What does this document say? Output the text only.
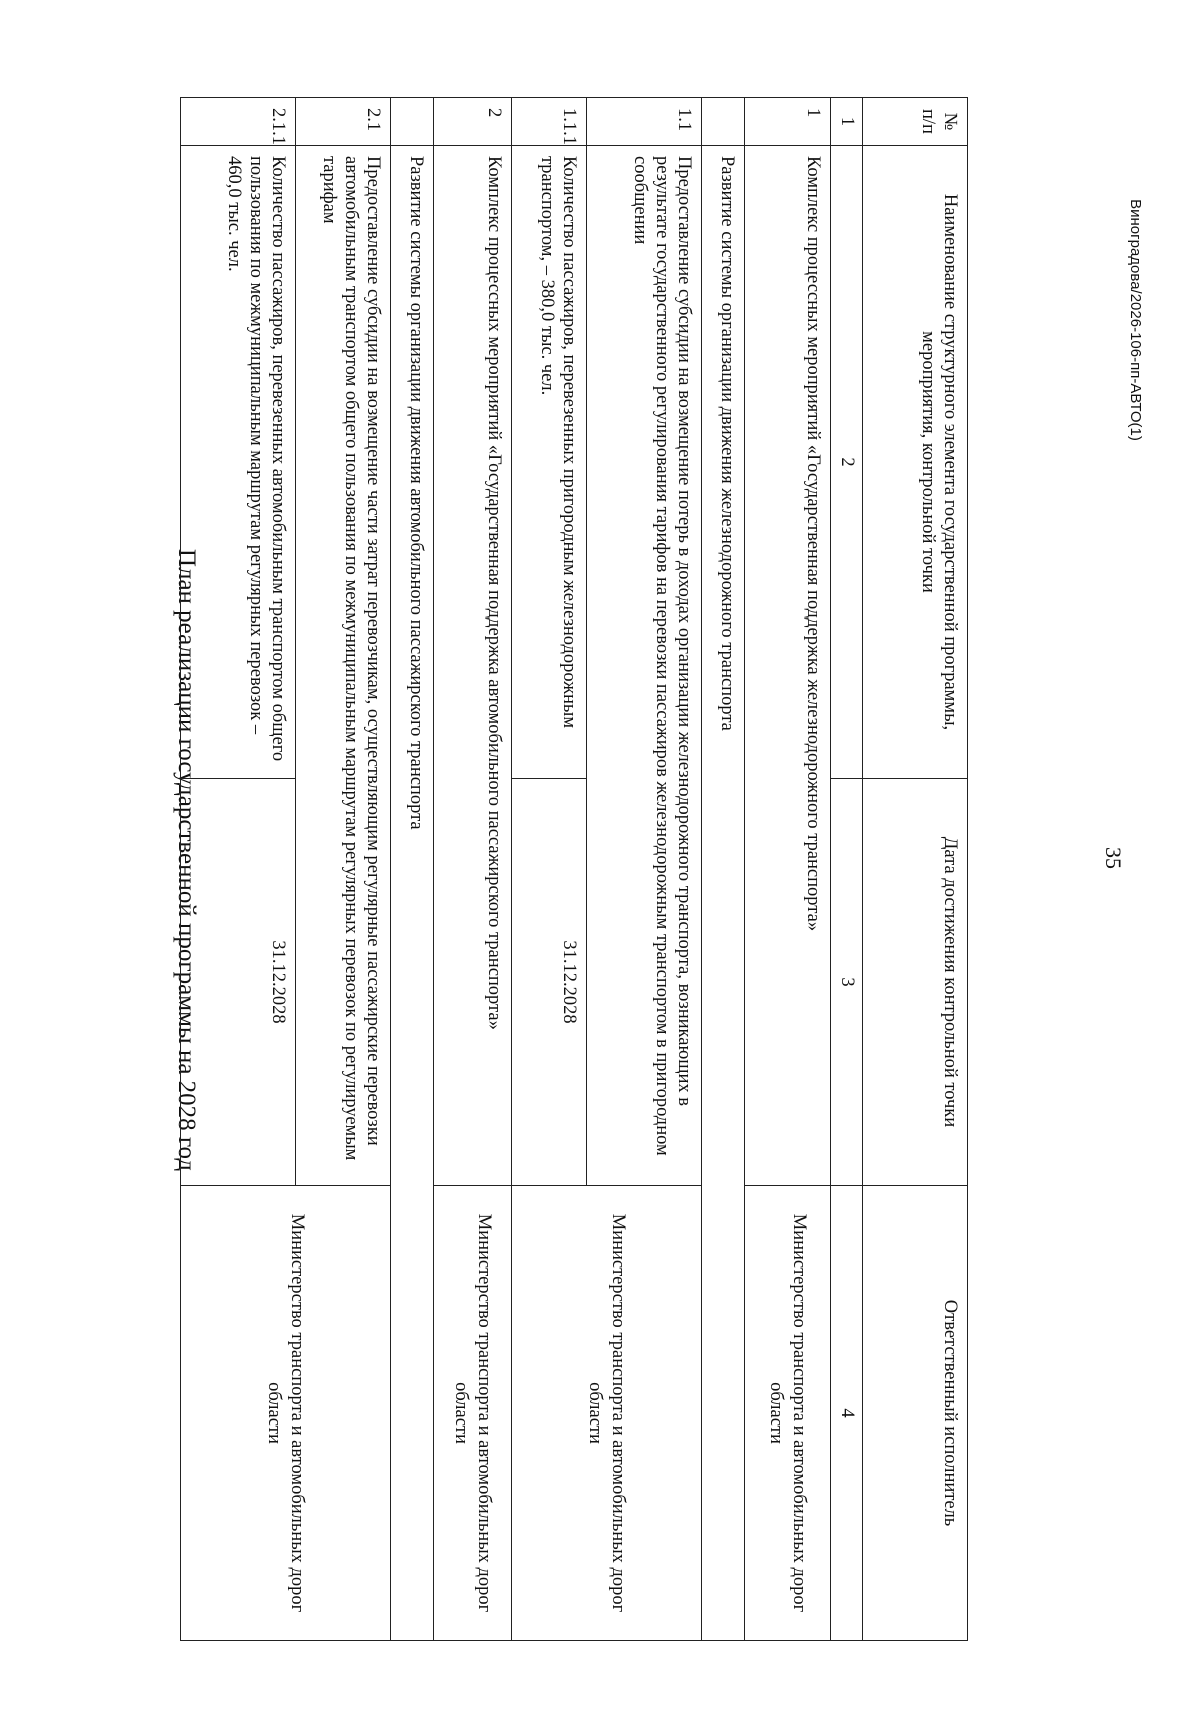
Виноградова/2026-106-пп-АВТО(1)
35
План реализации государственной программы на 2028 год
№ п/п	Наименование структурного элемента государственной программы, мероприятия, контрольной точки	Дата достижения контрольной точки	Ответственный исполнитель
1	2	3	4
1	Комплекс процессных мероприятий «Государственная поддержка железнодорожного транспорта»		Министерство транспорта и автомобильных дорог области
	Развитие системы организации движения железнодорожного транспорта		
1.1	Предоставление субсидии на возмещение потерь в доходах организации железнодорожного транспорта, возникающих в результате государственного регулирования тарифов на перевозки пассажиров железнодорожным транспортом в пригородном сообщении		Министерство транспорта и автомобильных дорог области
1.1.1	Количество пассажиров, перевезенных пригородным железнодорожным транспортом, – 380,0 тыс. чел.	31.12.2028	
2	Комплекс процессных мероприятий «Государственная поддержка автомобильного пассажирского транспорта»		Министерство транспорта и автомобильных дорог области
	Развитие системы организации движения автомобильного пассажирского транспорта		
2.1	Предоставление субсидии на возмещение части затрат перевозчикам, осуществляющим регулярные пассажирские перевозки автомобильным транспортом общего пользования по межмуниципальным маршрутам регулярных перевозок по регулируемым тарифам		Министерство транспорта и автомобильных дорог области
2.1.1	Количество пассажиров, перевезенных автомобильным транспортом общего пользования по межмуниципальным маршрутам регулярных перевозок – 460,0 тыс. чел.	31.12.2028	
